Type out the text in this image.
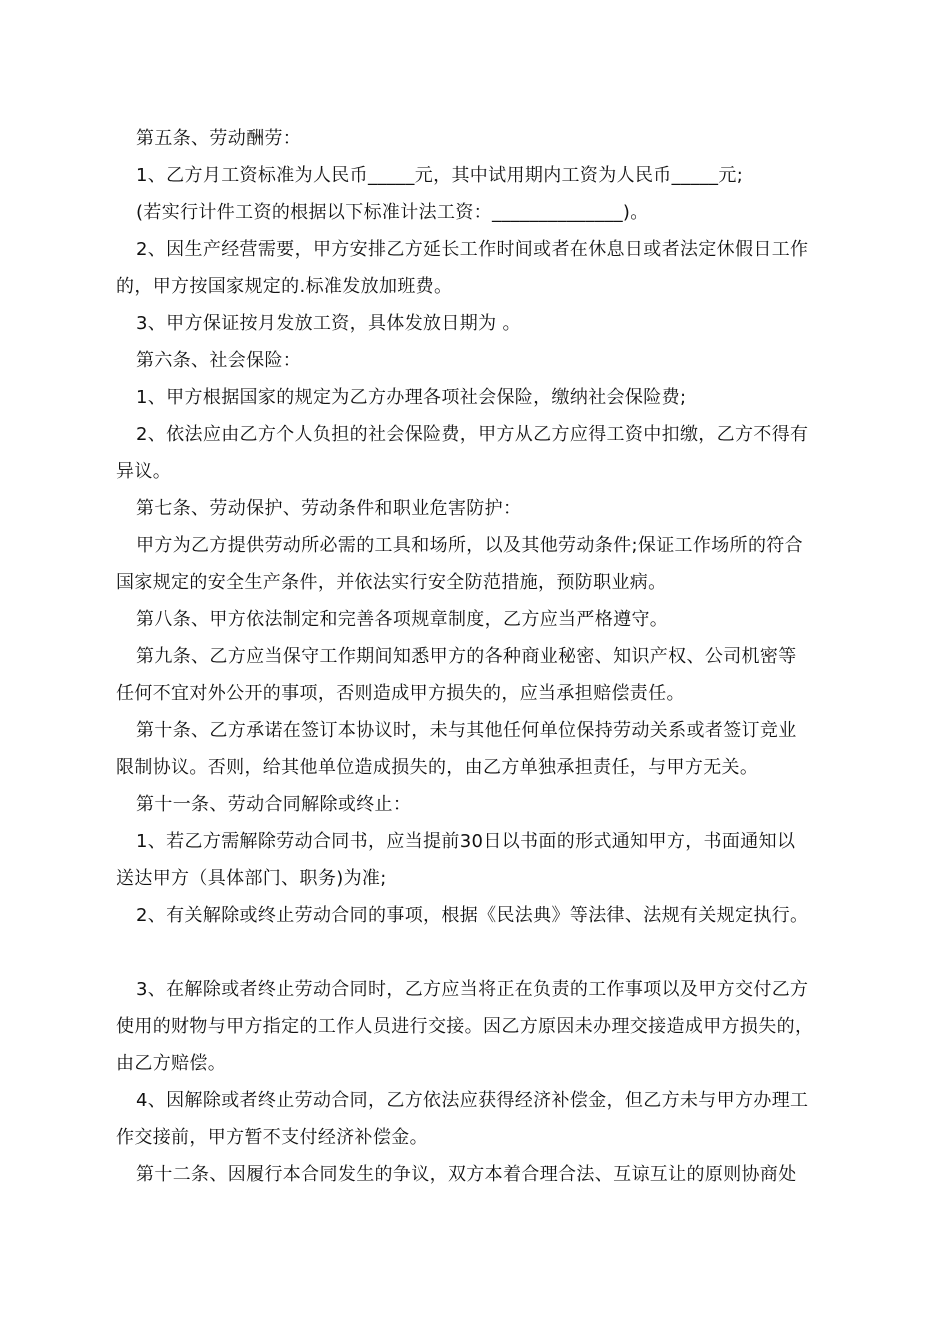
第五条、劳动酬劳：
1、乙方月工资标准为人民币_____元，其中试用期内工资为人民币_____元;
(若实行计件工资的根据以下标准计法工资：______________)。
2、因生产经营需要，甲方安排乙方延长工作时间或者在休息日或者法定休假日工作
的，甲方按国家规定的.标准发放加班费。
3、甲方保证按月发放工资，具体发放日期为 。
第六条、社会保险：
1、甲方根据国家的规定为乙方办理各项社会保险，缴纳社会保险费;
2、依法应由乙方个人负担的社会保险费，甲方从乙方应得工资中扣缴，乙方不得有
异议。
第七条、劳动保护、劳动条件和职业危害防护：
甲方为乙方提供劳动所必需的工具和场所，以及其他劳动条件;保证工作场所的符合
国家规定的安全生产条件，并依法实行安全防范措施，预防职业病。
第八条、甲方依法制定和完善各项规章制度，乙方应当严格遵守。
第九条、乙方应当保守工作期间知悉甲方的各种商业秘密、知识产权、公司机密等
任何不宜对外公开的事项，否则造成甲方损失的，应当承担赔偿责任。
第十条、乙方承诺在签订本协议时，未与其他任何单位保持劳动关系或者签订竞业
限制协议。否则，给其他单位造成损失的，由乙方单独承担责任，与甲方无关。
第十一条、劳动合同解除或终止：
1、若乙方需解除劳动合同书，应当提前30日以书面的形式通知甲方，书面通知以
送达甲方（具体部门、职务)为准;
2、有关解除或终止劳动合同的事项，根据《民法典》等法律、法规有关规定执行。
3、在解除或者终止劳动合同时，乙方应当将正在负责的工作事项以及甲方交付乙方
使用的财物与甲方指定的工作人员进行交接。因乙方原因未办理交接造成甲方损失的，
由乙方赔偿。
4、因解除或者终止劳动合同，乙方依法应获得经济补偿金，但乙方未与甲方办理工
作交接前，甲方暂不支付经济补偿金。
第十二条、因履行本合同发生的争议，双方本着合理合法、互谅互让的原则协商处
